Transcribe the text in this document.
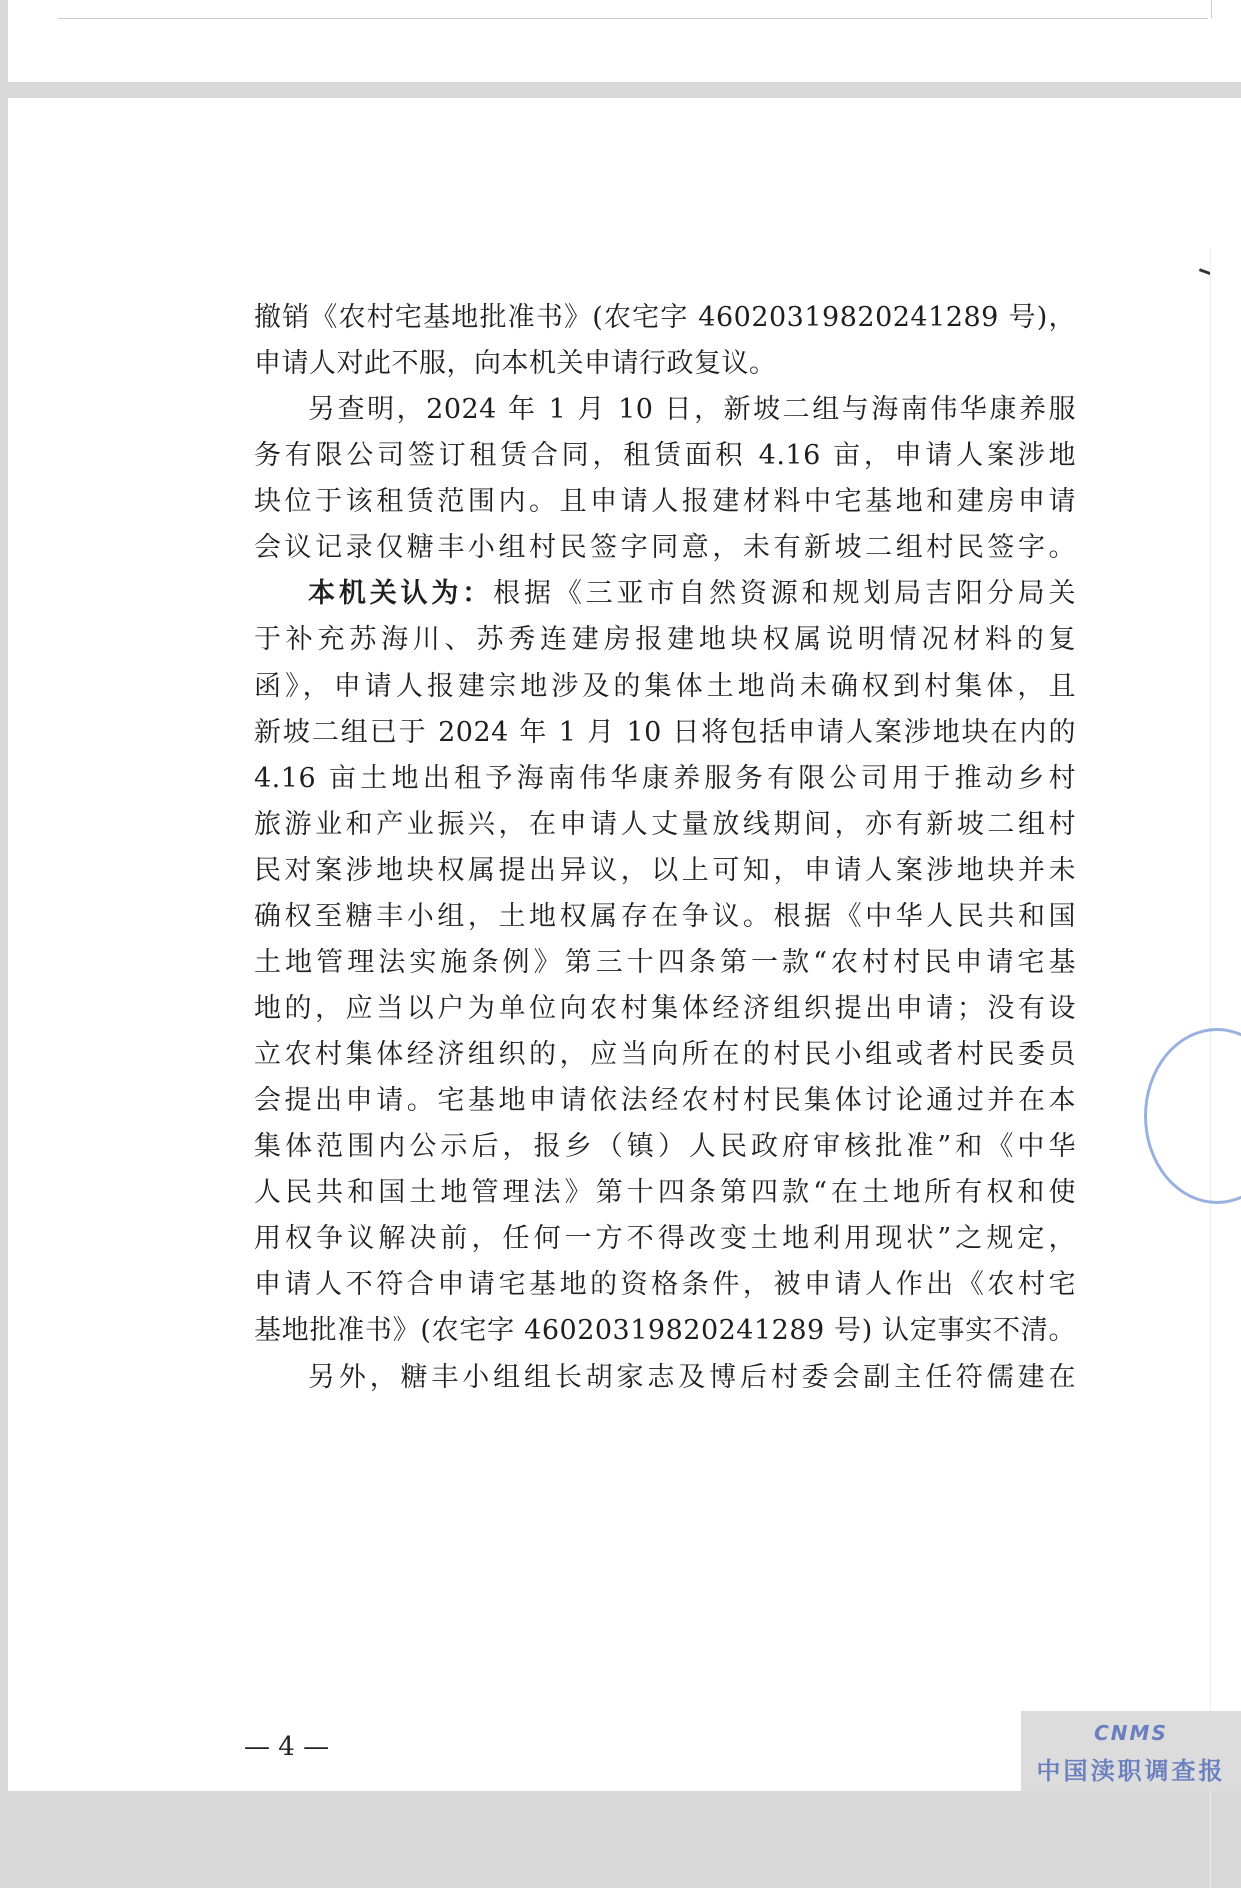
撤销《农村宅基地批准书》(农宅字 46020319820241289 号)，
申请人对此不服，向本机关申请行政复议。
另查明，2024 年 1 月 10 日，新坡二组与海南伟华康养服
务有限公司签订租赁合同，租赁面积 4.16 亩，申请人案涉地
块位于该租赁范围内。且申请人报建材料中宅基地和建房申请
会议记录仅糖丰小组村民签字同意，未有新坡二组村民签字。
本机关认为：根据《三亚市自然资源和规划局吉阳分局关
于补充苏海川、苏秀连建房报建地块权属说明情况材料的复
函》，申请人报建宗地涉及的集体土地尚未确权到村集体，且
新坡二组已于 2024 年 1 月 10 日将包括申请人案涉地块在内的
4.16 亩土地出租予海南伟华康养服务有限公司用于推动乡村
旅游业和产业振兴，在申请人丈量放线期间，亦有新坡二组村
民对案涉地块权属提出异议，以上可知，申请人案涉地块并未
确权至糖丰小组，土地权属存在争议。根据《中华人民共和国
土地管理法实施条例》第三十四条第一款“农村村民申请宅基
地的，应当以户为单位向农村集体经济组织提出申请；没有设
立农村集体经济组织的，应当向所在的村民小组或者村民委员
会提出申请。宅基地申请依法经农村村民集体讨论通过并在本
集体范围内公示后，报乡（镇）人民政府审核批准”和《中华
人民共和国土地管理法》第十四条第四款“在土地所有权和使
用权争议解决前，任何一方不得改变土地利用现状”之规定，
申请人不符合申请宅基地的资格条件，被申请人作出《农村宅
基地批准书》(农宅字 46020319820241289 号) 认定事实不清。
另外，糖丰小组组长胡家志及博后村委会副主任符儒建在
— 4 —	CNMS
中国渎职调查报
